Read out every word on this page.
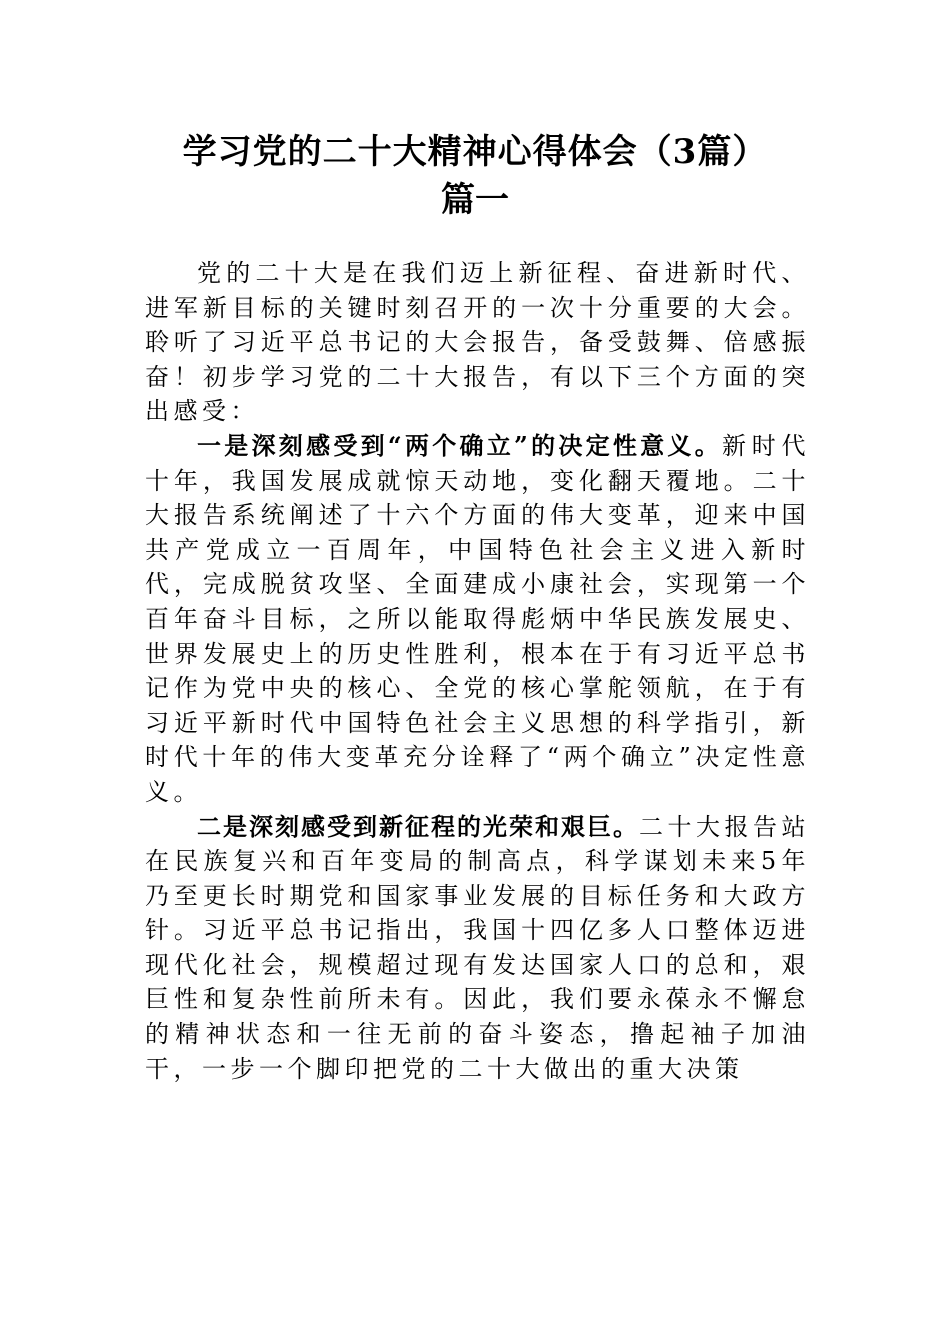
学习党的二十大精神心得体会（3篇）
篇一

党的二十大是在我们迈上新征程、奋进新时代、进军新目标的关键时刻召开的一次十分重要的大会。聆听了习近平总书记的大会报告，备受鼓舞、倍感振奋！初步学习党的二十大报告，有以下三个方面的突出感受：

一是深刻感受到“两个确立”的决定性意义。新时代十年，我国发展成就惊天动地，变化翻天覆地。二十大报告系统阐述了十六个方面的伟大变革，迎来中国共产党成立一百周年，中国特色社会主义进入新时代，完成脱贫攻坚、全面建成小康社会，实现第一个百年奋斗目标，之所以能取得彪炳中华民族发展史、世界发展史上的历史性胜利，根本在于有习近平总书记作为党中央的核心、全党的核心掌舵领航，在于有习近平新时代中国特色社会主义思想的科学指引，新时代十年的伟大变革充分诠释了“两个确立”决定性意义。

二是深刻感受到新征程的光荣和艰巨。二十大报告站在民族复兴和百年变局的制高点，科学谋划未来5年乃至更长时期党和国家事业发展的目标任务和大政方针。习近平总书记指出，我国十四亿多人口整体迈进现代化社会，规模超过现有发达国家人口的总和，艰巨性和复杂性前所未有。因此，我们要永葆永不懈怠的精神状态和一往无前的奋斗姿态，撸起袖子加油干，一步一个脚印把党的二十大做出的重大决策
